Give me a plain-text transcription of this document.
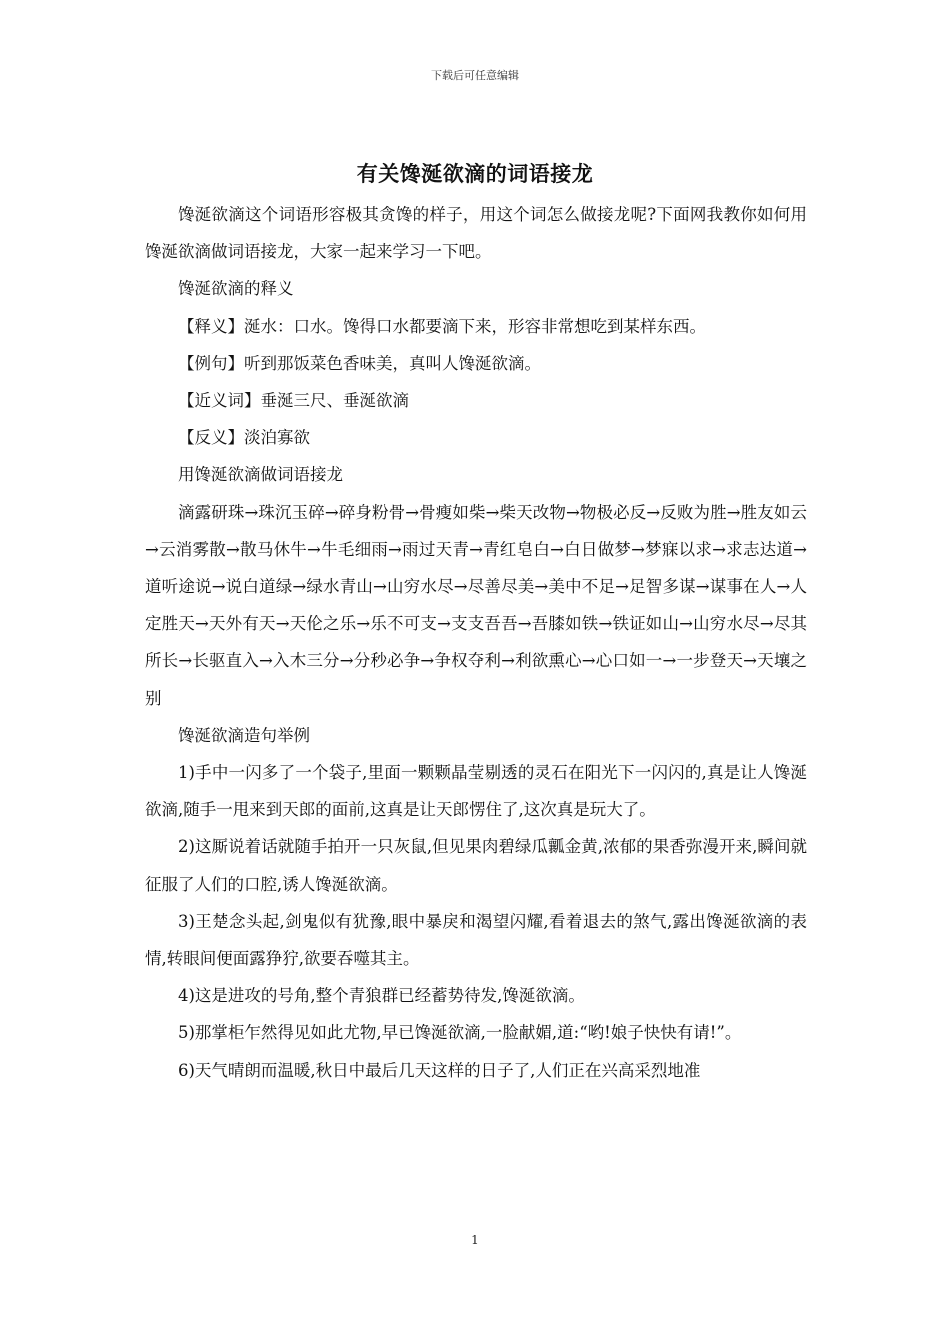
下载后可任意编辑
有关馋涎欲滴的词语接龙

馋涎欲滴这个词语形容极其贪馋的样子，用这个词怎么做接龙呢?下面网我教你如何用馋涎欲滴做词语接龙，大家一起来学习一下吧。

馋涎欲滴的释义

【释义】涎水：口水。馋得口水都要滴下来，形容非常想吃到某样东西。

【例句】听到那饭菜色香味美，真叫人馋涎欲滴。

【近义词】垂涎三尺、垂涎欲滴

【反义】淡泊寡欲

用馋涎欲滴做词语接龙

滴露研珠→珠沉玉碎→碎身粉骨→骨瘦如柴→柴天改物→物极必反→反败为胜→胜友如云→云消雾散→散马休牛→牛毛细雨→雨过天青→青红皂白→白日做梦→梦寐以求→求志达道→道听途说→说白道绿→绿水青山→山穷水尽→尽善尽美→美中不足→足智多谋→谋事在人→人定胜天→天外有天→天伦之乐→乐不可支→支支吾吾→吾膝如铁→铁证如山→山穷水尽→尽其所长→长驱直入→入木三分→分秒必争→争权夺利→利欲熏心→心口如一→一步登天→天壤之别

馋涎欲滴造句举例

1)手中一闪多了一个袋子,里面一颗颗晶莹剔透的灵石在阳光下一闪闪的,真是让人馋涎欲滴,随手一甩来到天郎的面前,这真是让天郎愣住了,这次真是玩大了。

2)这厮说着话就随手拍开一只灰鼠,但见果肉碧绿瓜瓤金黄,浓郁的果香弥漫开来,瞬间就征服了人们的口腔,诱人馋涎欲滴。

3)王楚念头起,剑鬼似有犹豫,眼中暴戾和渴望闪耀,看着退去的煞气,露出馋涎欲滴的表情,转眼间便面露狰狞,欲要吞噬其主。

4)这是进攻的号角,整个青狼群已经蓄势待发,馋涎欲滴。

5)那掌柜乍然得见如此尤物,早已馋涎欲滴,一脸献媚,道:“哟!娘子快快有请!”。

6)天气晴朗而温暖,秋日中最后几天这样的日子了,人们正在兴高采烈地准

1
